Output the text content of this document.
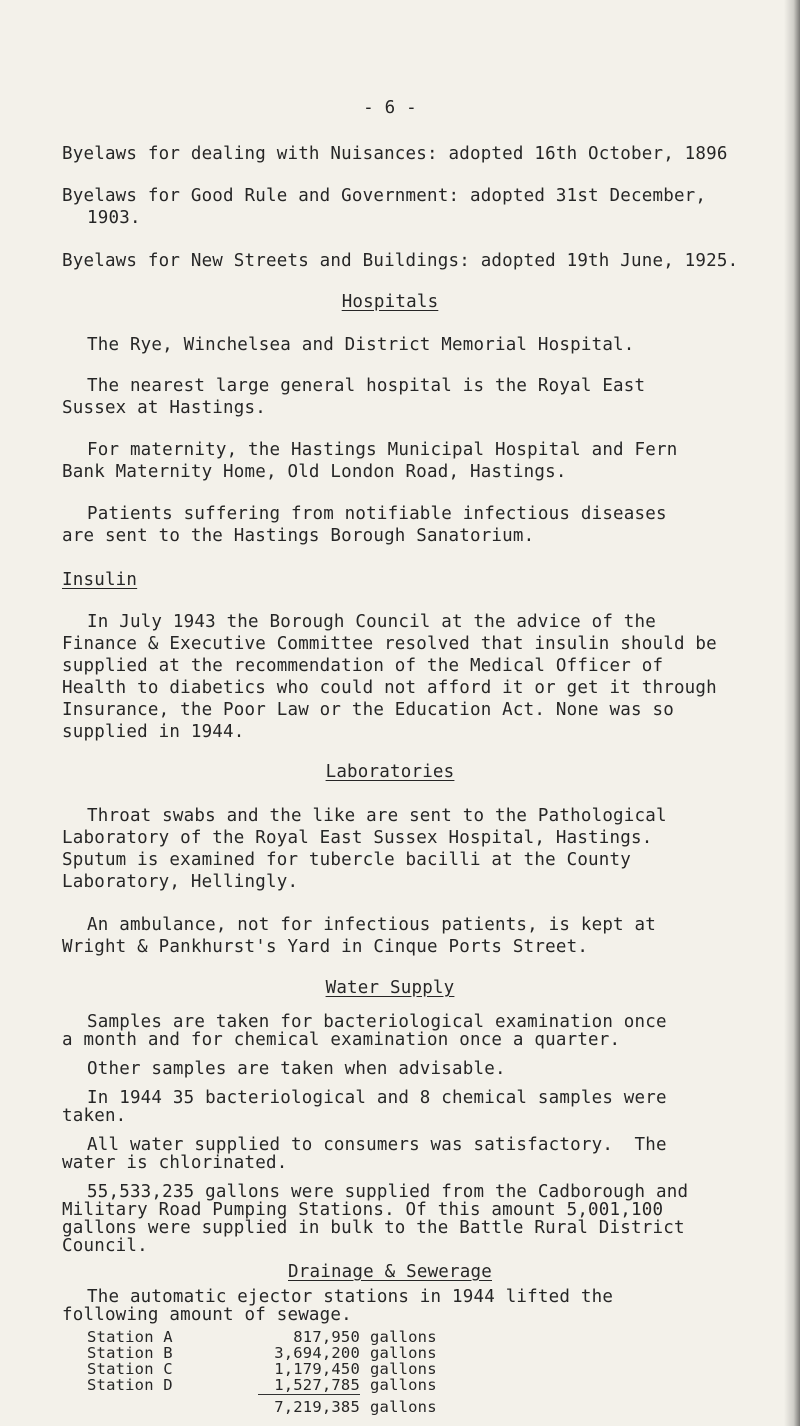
- 6 -
Byelaws for dealing with Nuisances: adopted 16th October, 1896
Byelaws for Good Rule and Government: adopted 31st December,
1903.
Byelaws for New Streets and Buildings: adopted 19th June, 1925.
Hospitals
The Rye, Winchelsea and District Memorial Hospital.
The nearest large general hospital is the Royal East
Sussex at Hastings.
For maternity, the Hastings Municipal Hospital and Fern
Bank Maternity Home, Old London Road, Hastings.
Patients suffering from notifiable infectious diseases
are sent to the Hastings Borough Sanatorium.
Insulin
In July 1943 the Borough Council at the advice of the
Finance & Executive Committee resolved that insulin should be
supplied at the recommendation of the Medical Officer of
Health to diabetics who could not afford it or get it through
Insurance, the Poor Law or the Education Act. None was so
supplied in 1944.
Laboratories
Throat swabs and the like are sent to the Pathological
Laboratory of the Royal East Sussex Hospital, Hastings.
Sputum is examined for tubercle bacilli at the County
Laboratory, Hellingly.
An ambulance, not for infectious patients, is kept at
Wright & Pankhurst's Yard in Cinque Ports Street.
Water Supply
Samples are taken for bacteriological examination once
a month and for chemical examination once a quarter.
Other samples are taken when advisable.
In 1944 35 bacteriological and 8 chemical samples were
taken.
All water supplied to consumers was satisfactory.  The
water is chlorinated.
55,533,235 gallons were supplied from the Cadborough and
Military Road Pumping Stations. Of this amount 5,001,100
gallons were supplied in bulk to the Battle Rural District
Council.
Drainage & Sewerage
The automatic ejector stations in 1944 lifted the
following amount of sewage.
Station A	817,950 gallons
Station B	3,694,200 gallons
Station C	1,179,450 gallons
Station D	1,527,785 gallons
7,219,385 gallons
